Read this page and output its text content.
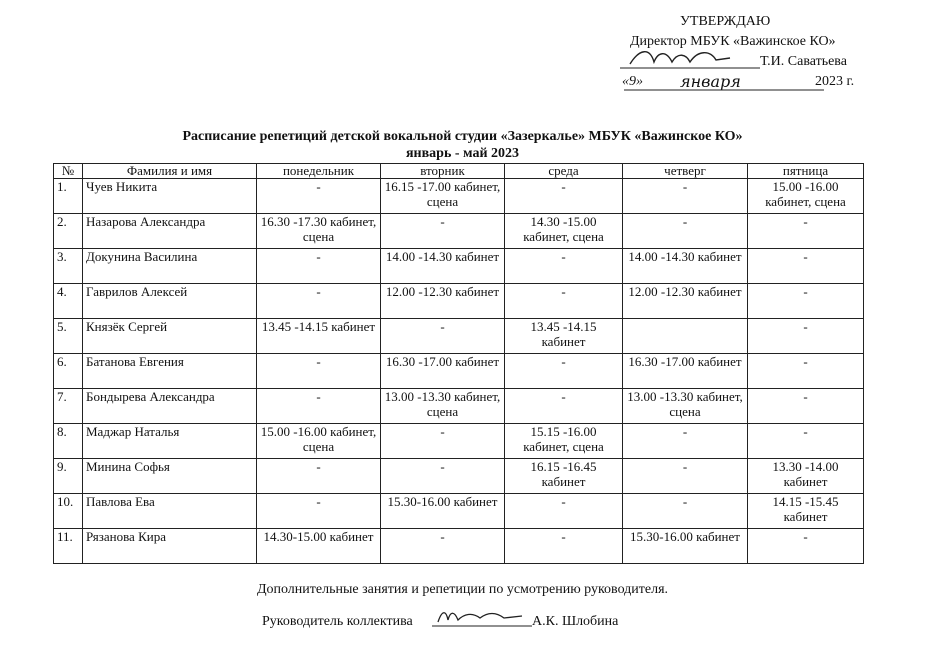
УТВЕРЖДАЮ
Директор МБУК «Важинское КО»
Т.И. Саватьева
«9» января	2023 г.
Расписание репетиций детской вокальной студии «Зазеркалье» МБУК «Важинское КО»
январь - май 2023
№	Фамилия и имя	понедельник	вторник	среда	четверг	пятница
1.	Чуев Никита	-	16.15 -17.00 кабинет, сцена	-	-	15.00 -16.00 кабинет, сцена
2.	Назарова Александра	16.30 -17.30 кабинет, сцена	-	14.30 -15.00 кабинет, сцена	-	-
3.	Докунина Василина	-	14.00 -14.30 кабинет	-	14.00 -14.30 кабинет	-
4.	Гаврилов Алексей	-	12.00 -12.30 кабинет	-	12.00 -12.30 кабинет	-
5.	Князёк Сергей	13.45 -14.15 кабинет	-	13.45 -14.15 кабинет		-
6.	Батанова Евгения	-	16.30 -17.00 кабинет	-	16.30 -17.00 кабинет	-
7.	Бондырева Александра	-	13.00 -13.30 кабинет, сцена	-	13.00 -13.30 кабинет, сцена	-
8.	Маджар Наталья	15.00 -16.00 кабинет, сцена	-	15.15 -16.00 кабинет, сцена	-	-
9.	Минина Софья	-	-	16.15 -16.45 кабинет	-	13.30 -14.00 кабинет
10.	Павлова Ева	-	15.30-16.00 кабинет	-	-	14.15 -15.45 кабинет
11.	Рязанова Кира	14.30-15.00 кабинет	-	-	15.30-16.00 кабинет	-
Дополнительные занятия и репетиции по усмотрению руководителя.
Руководитель коллектива	А.К. Шлобина
